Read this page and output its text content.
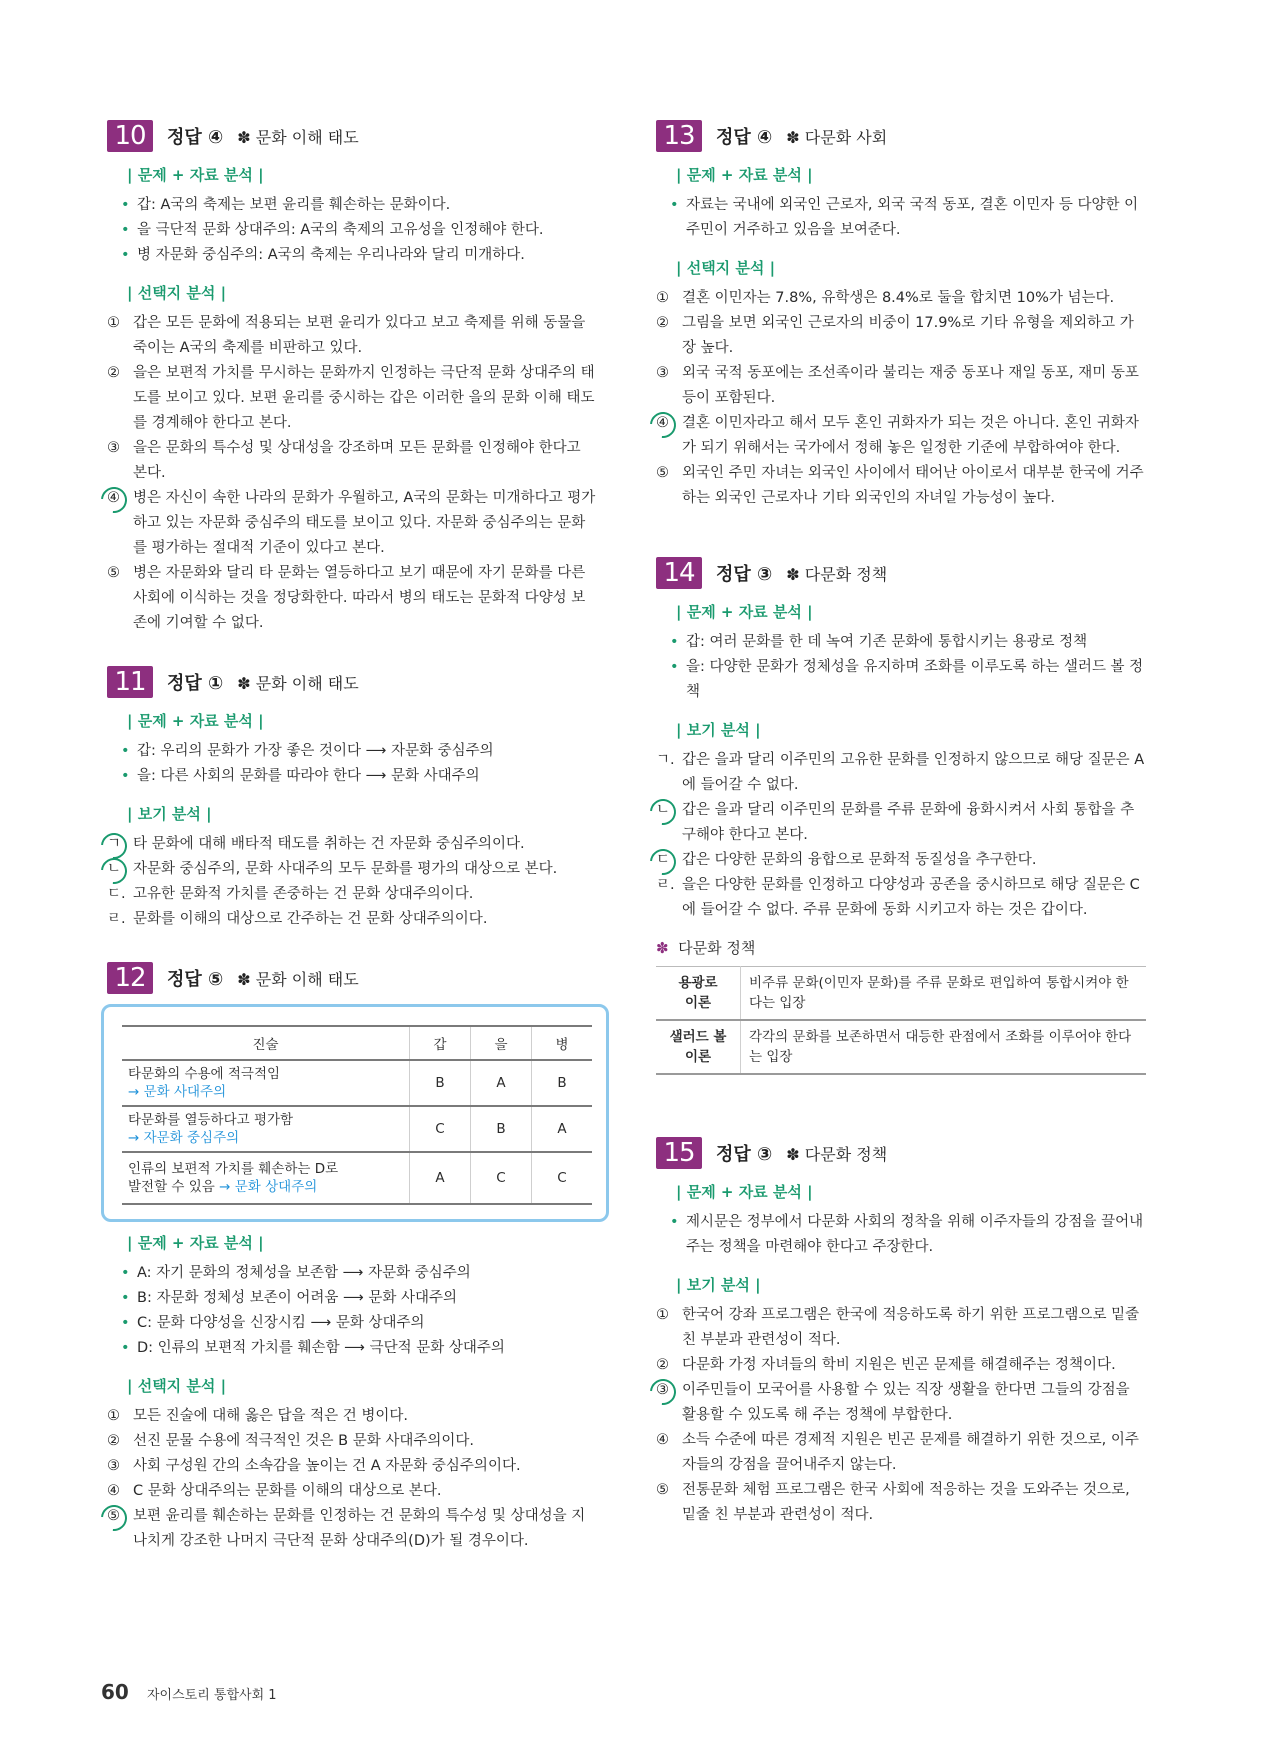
10	정답 ④ ✽ 문화 이해 태도
| 문제 + 자료 분석 |
• 갑: A국의 축제는 보편 윤리를 훼손하는 문화이다.
• 을 극단적 문화 상대주의: A국의 축제의 고유성을 인정해야 한다.
• 병 자문화 중심주의: A국의 축제는 우리나라와 달리 미개하다.
| 선택지 분석 |
① 갑은 모든 문화에 적용되는 보편 윤리가 있다고 보고 축제를 위해 동물을 죽이는 A국의 축제를 비판하고 있다.
② 을은 보편적 가치를 무시하는 문화까지 인정하는 극단적 문화 상대주의 태도를 보이고 있다. 보편 윤리를 중시하는 갑은 이러한 을의 문화 이해 태도를 경계해야 한다고 본다.
③ 을은 문화의 특수성 및 상대성을 강조하며 모든 문화를 인정해야 한다고 본다.
④ 병은 자신이 속한 나라의 문화가 우월하고, A국의 문화는 미개하다고 평가하고 있는 자문화 중심주의 태도를 보이고 있다. 자문화 중심주의는 문화를 평가하는 절대적 기준이 있다고 본다.
⑤ 병은 자문화와 달리 타 문화는 열등하다고 보기 때문에 자기 문화를 다른 사회에 이식하는 것을 정당화한다. 따라서 병의 태도는 문화적 다양성 보존에 기여할 수 없다.
11	정답 ① ✽ 문화 이해 태도
| 문제 + 자료 분석 |
• 갑: 우리의 문화가 가장 좋은 것이다 ⟶ 자문화 중심주의
• 을: 다른 사회의 문화를 따라야 한다 ⟶ 문화 사대주의
| 보기 분석 |
ㄱ 타 문화에 대해 배타적 태도를 취하는 건 자문화 중심주의이다.
ㄴ 자문화 중심주의, 문화 사대주의 모두 문화를 평가의 대상으로 본다.
ㄷ. 고유한 문화적 가치를 존중하는 건 문화 상대주의이다.
ㄹ. 문화를 이해의 대상으로 간주하는 건 문화 상대주의이다.
12	정답 ⑤ ✽ 문화 이해 태도
진술	갑	을	병
타문화의 수용에 적극적임
→ 문화 사대주의	B	A	B
타문화를 열등하다고 평가함
→ 자문화 중심주의	C	B	A
인류의 보편적 가치를 훼손하는 D로
발전할 수 있음 → 문화 상대주의	A	C	C
| 문제 + 자료 분석 |
• A: 자기 문화의 정체성을 보존함 ⟶ 자문화 중심주의
• B: 자문화 정체성 보존이 어려움 ⟶ 문화 사대주의
• C: 문화 다양성을 신장시킴 ⟶ 문화 상대주의
• D: 인류의 보편적 가치를 훼손함 ⟶ 극단적 문화 상대주의
| 선택지 분석 |
① 모든 진술에 대해 옳은 답을 적은 건 병이다.
② 선진 문물 수용에 적극적인 것은 B 문화 사대주의이다.
③ 사회 구성원 간의 소속감을 높이는 건 A 자문화 중심주의이다.
④ C 문화 상대주의는 문화를 이해의 대상으로 본다.
⑤ 보편 윤리를 훼손하는 문화를 인정하는 건 문화의 특수성 및 상대성을 지나치게 강조한 나머지 극단적 문화 상대주의(D)가 될 경우이다.
13	정답 ④ ✽ 다문화 사회
| 문제 + 자료 분석 |
• 자료는 국내에 외국인 근로자, 외국 국적 동포, 결혼 이민자 등 다양한 이주민이 거주하고 있음을 보여준다.
| 선택지 분석 |
① 결혼 이민자는 7.8%, 유학생은 8.4%로 둘을 합치면 10%가 넘는다.
② 그림을 보면 외국인 근로자의 비중이 17.9%로 기타 유형을 제외하고 가장 높다.
③ 외국 국적 동포에는 조선족이라 불리는 재중 동포나 재일 동포, 재미 동포 등이 포함된다.
④ 결혼 이민자라고 해서 모두 혼인 귀화자가 되는 것은 아니다. 혼인 귀화자가 되기 위해서는 국가에서 정해 놓은 일정한 기준에 부합하여야 한다.
⑤ 외국인 주민 자녀는 외국인 사이에서 태어난 아이로서 대부분 한국에 거주하는 외국인 근로자나 기타 외국인의 자녀일 가능성이 높다.
14	정답 ③ ✽ 다문화 정책
| 문제 + 자료 분석 |
• 갑: 여러 문화를 한 데 녹여 기존 문화에 통합시키는 용광로 정책
• 을: 다양한 문화가 정체성을 유지하며 조화를 이루도록 하는 샐러드 볼 정책
| 보기 분석 |
ㄱ. 갑은 을과 달리 이주민의 고유한 문화를 인정하지 않으므로 해당 질문은 A에 들어갈 수 없다.
ㄴ 갑은 을과 달리 이주민의 문화를 주류 문화에 융화시켜서 사회 통합을 추구해야 한다고 본다.
ㄷ 갑은 다양한 문화의 융합으로 문화적 동질성을 추구한다.
ㄹ. 을은 다양한 문화를 인정하고 다양성과 공존을 중시하므로 해당 질문은 C에 들어갈 수 없다. 주류 문화에 동화 시키고자 하는 것은 갑이다.
✽ 다문화 정책
용광로
이론	비주류 문화(이민자 문화)를 주류 문화로 편입하여 통합시켜야 한다는 입장
샐러드 볼
이론	각각의 문화를 보존하면서 대등한 관점에서 조화를 이루어야 한다는 입장
15	정답 ③ ✽ 다문화 정책
| 문제 + 자료 분석 |
• 제시문은 정부에서 다문화 사회의 정착을 위해 이주자들의 강점을 끌어내 주는 정책을 마련해야 한다고 주장한다.
| 보기 분석 |
① 한국어 강좌 프로그램은 한국에 적응하도록 하기 위한 프로그램으로 밑줄 친 부분과 관련성이 적다.
② 다문화 가정 자녀들의 학비 지원은 빈곤 문제를 해결해주는 정책이다.
③ 이주민들이 모국어를 사용할 수 있는 직장 생활을 한다면 그들의 강점을 활용할 수 있도록 해 주는 정책에 부합한다.
④ 소득 수준에 따른 경제적 지원은 빈곤 문제를 해결하기 위한 것으로, 이주자들의 강점을 끌어내주지 않는다.
⑤ 전통문화 체험 프로그램은 한국 사회에 적응하는 것을 도와주는 것으로, 밑줄 친 부분과 관련성이 적다.
60 자이스토리 통합사회 1
